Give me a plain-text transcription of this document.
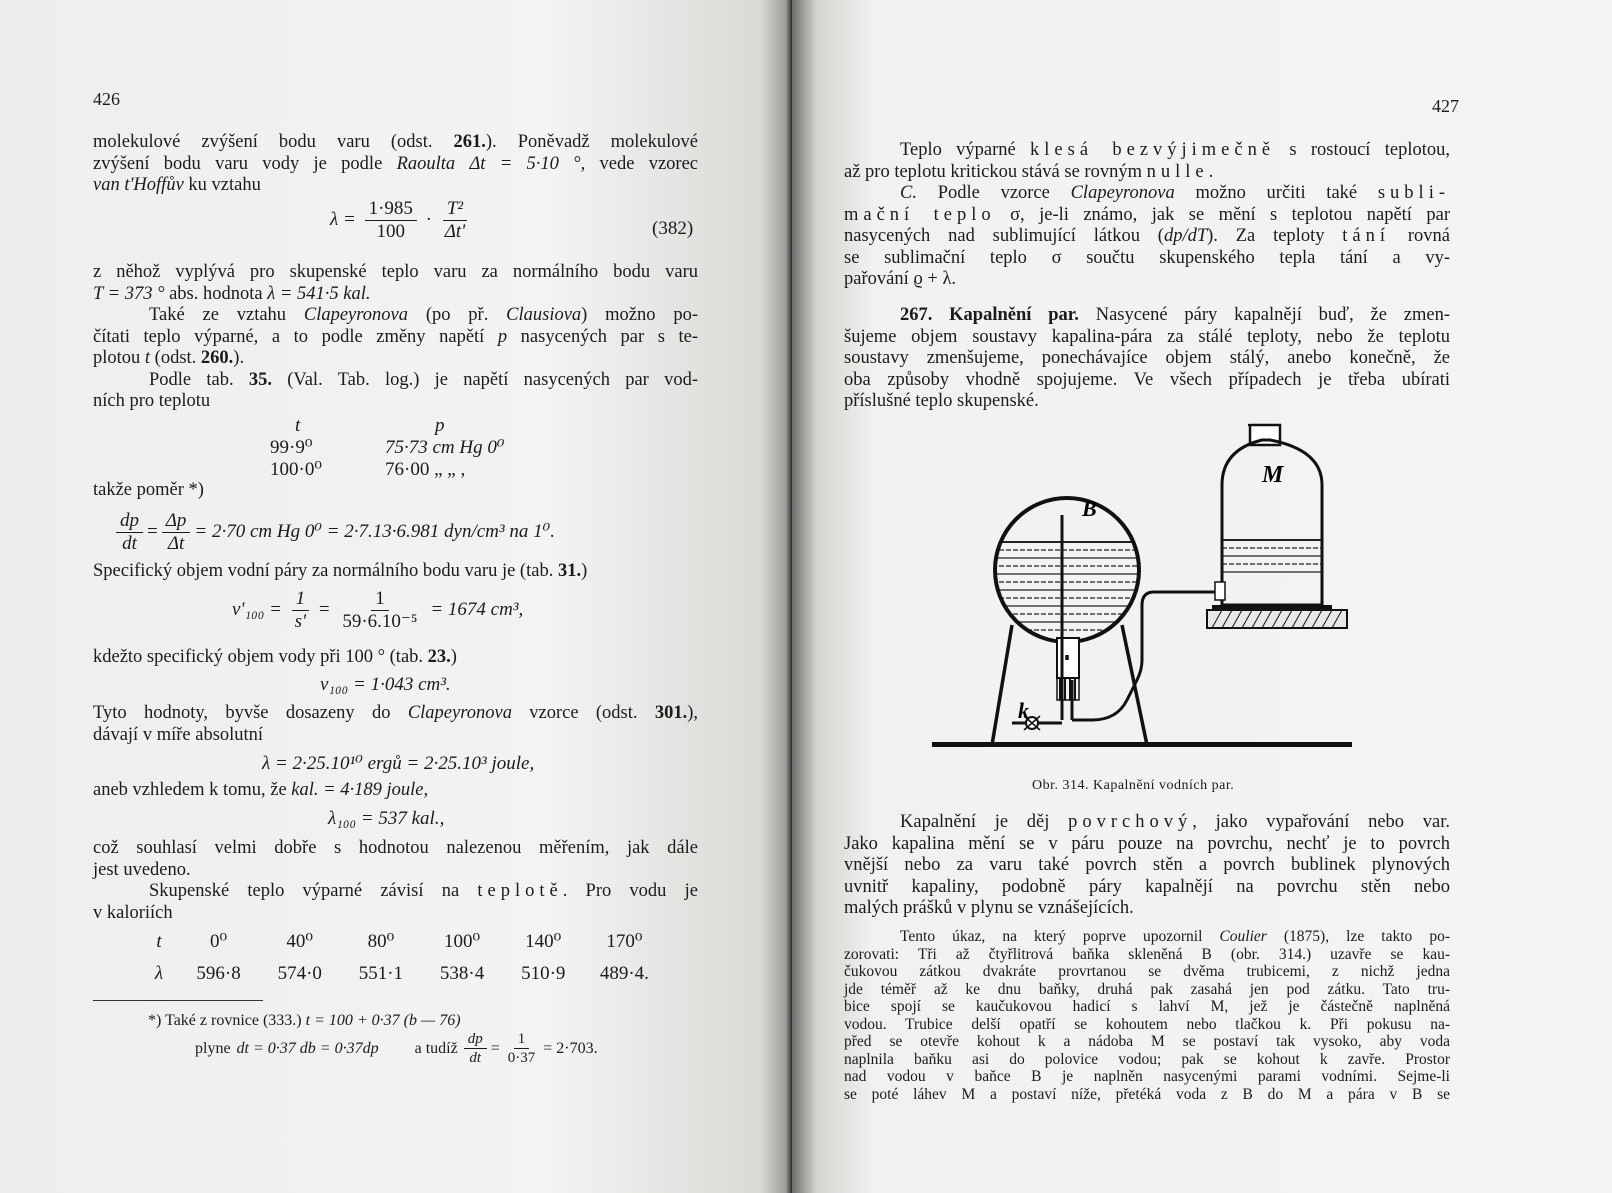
426
molekulové zvýšení bodu varu (odst. 261.). Poněvadž molekulové
zvýšení bodu varu vody je podle Raoulta Δt = 5·10 °, vede vzorec
van t'Hoffův ku vztahu
$\lambda = \frac{1\cdot 985}{100} \cdot \frac{\text{T²}}{\Delta t'}$	(382)
z něhož vyplývá pro skupenské teplo varu za normálního bodu varu
T = 373 ° abs. hodnota λ = 541·5 kal.
Také ze vztahu Clapeyronova (po př. Clausiova) možno po-
čítati teplo výparné, a to podle změny napětí p nasycených par s te-
plotou t (odst. 260.).
Podle tab. 35. (Val. Tab. log.) je napětí nasycených par vod-
ních pro teplotu
t	p
99·9⁰	75·73 cm Hg 0⁰
100·0⁰	76·00 „ „ ,
takže poměr *)
$\frac{dp}{dt} = \frac{\Delta p}{\Delta t} = 2\cdot 70$ cm Hg 0⁰ = 2·7.13·6.981 dyn/cm³ na 1⁰.
Specifický objem vodní páry za normálního bodu varu je (tab. 31.)
$v'_{100} = \frac{1}{s'} = \frac{1}{\text{59·6.10⁻⁵}} = 1674$ cm³,
kdežto specifický objem vody při 100 ° (tab. 23.)
v₁₀₀ = 1·043 cm³.
Tyto hodnoty, byvše dosazeny do Clapeyronova vzorce (odst. 301.),
dávají v míře absolutní
λ = 2·25.10¹⁰ ergů = 2·25.10³ joule,
aneb vzhledem k tomu, že kal. = 4·189 joule,
λ₁₀₀ = 537 kal.,
což souhlasí velmi dobře s hodnotou nalezenou měřením, jak dále
jest uvedeno.
Skupenské teplo výparné závisí na teplotě. Pro vodu je
v kaloriích
t	0⁰	40⁰	80⁰	100⁰	140⁰	170⁰
λ	596·8	574·0	551·1	538·4	510·9	489·4.
*) Také z rovnice (333.) t = 100 + 0·37 (b — 76)
plyne dt = 0·37 db = 0·37dp a tudíž $\frac{dp}{dt} = \frac{1}{0\cdot 37} = 2\cdot 703$.
427
Teplo výparné klesá bezvýjimečně s rostoucí teplotou,
až pro teplotu kritickou stává se rovným nulle.
C. Podle vzorce Clapeyronova možno určiti také subli-
mační teplo σ, je-li známo, jak se mění s teplotou napětí par
nasycených nad sublimující látkou (dp/dT). Za teploty tání rovná
se sublimační teplo σ součtu skupenského tepla tání a vy-
pařování ϱ + λ.
267. Kapalnění par. Nasycené páry kapalnějí buď, že zmen-
šujeme objem soustavy kapalina-pára za stálé teploty, nebo že teplotu
soustavy zmenšujeme, ponechávajíce objem stálý, anebo konečně, že
oba způsoby vhodně spojujeme. Ve všech případech je třeba ubírati
příslušné teplo skupenské.
B
M
k
Obr. 314. Kapalnění vodních par.
Kapalnění je děj povrchový, jako vypařování nebo var.
Jako kapalina mění se v páru pouze na povrchu, nechť je to povrch
vnější nebo za varu také povrch stěn a povrch bublinek plynových
uvnitř kapaliny, podobně páry kapalnějí na povrchu stěn nebo
malých prášků v plynu se vznášejících.
Tento úkaz, na který poprve upozornil Coulier (1875), lze takto po-
zorovati: Tři až čtyřlitrová baňka skleněná B (obr. 314.) uzavře se kau-
čukovou zátkou dvakráte provrtanou se dvěma trubicemi, z nichž jedna
jde téměř až ke dnu baňky, druhá pak zasahá jen pod zátku. Tato tru-
bice spojí se kaučukovou hadicí s lahví M, jež je částečně naplněná
vodou. Trubice delší opatří se kohoutem nebo tlačkou k. Při pokusu na-
před se otevře kohout k a nádoba M se postaví tak vysoko, aby voda
naplnila baňku asi do polovice vodou; pak se kohout k zavře. Prostor
nad vodou v baňce B je naplněn nasycenými parami vodními. Sejme-li
se poté láhev M a postaví níže, přetéká voda z B do M a pára v B se
